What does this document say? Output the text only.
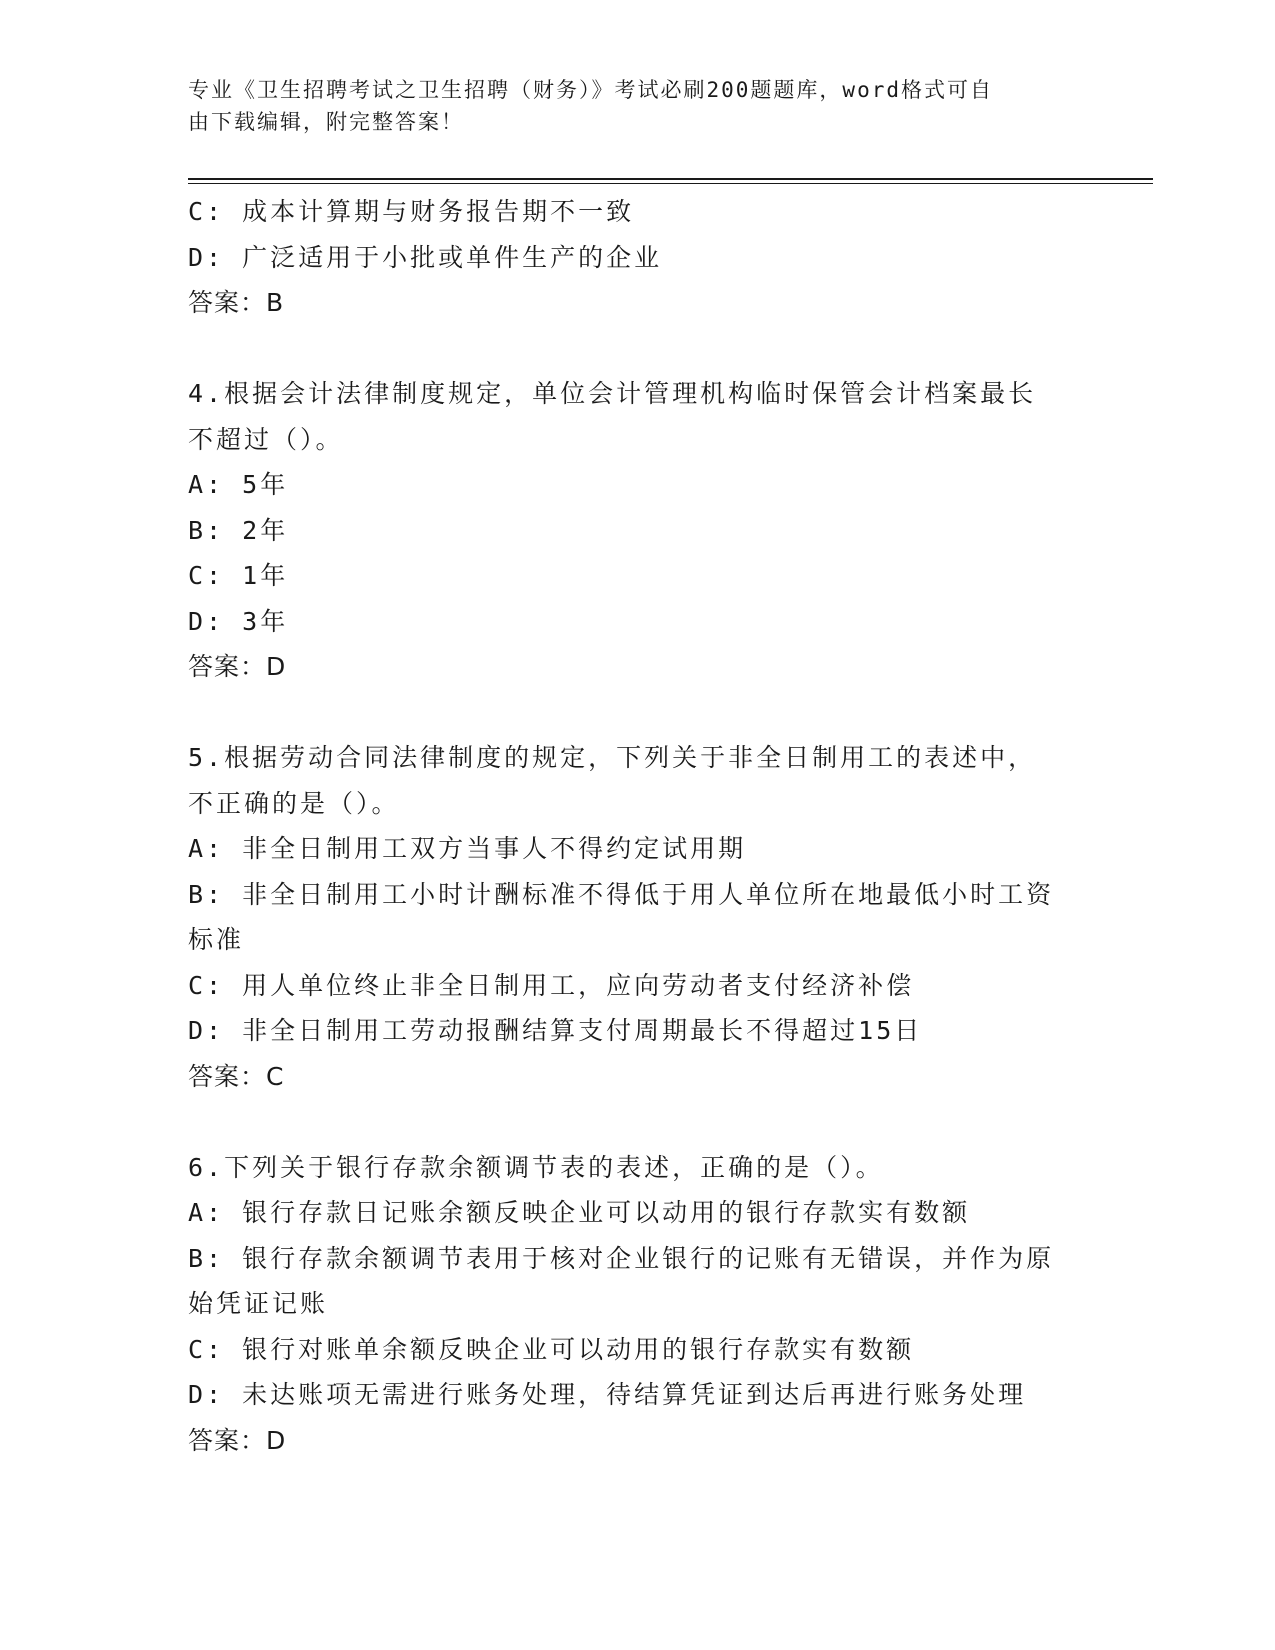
专业《卫生招聘考试之卫生招聘（财务）》考试必刷200题题库，word格式可自
由下载编辑，附完整答案！
C: 成本计算期与财务报告期不一致
D: 广泛适用于小批或单件生产的企业
答案：B
4.根据会计法律制度规定，单位会计管理机构临时保管会计档案最长
不超过（）。
A: 5年
B: 2年
C: 1年
D: 3年
答案：D
5.根据劳动合同法律制度的规定，下列关于非全日制用工的表述中，
不正确的是（）。
A: 非全日制用工双方当事人不得约定试用期
B: 非全日制用工小时计酬标准不得低于用人单位所在地最低小时工资
标准
C: 用人单位终止非全日制用工，应向劳动者支付经济补偿
D: 非全日制用工劳动报酬结算支付周期最长不得超过15日
答案：C
6.下列关于银行存款余额调节表的表述，正确的是（）。
A: 银行存款日记账余额反映企业可以动用的银行存款实有数额
B: 银行存款余额调节表用于核对企业银行的记账有无错误，并作为原
始凭证记账
C: 银行对账单余额反映企业可以动用的银行存款实有数额
D: 未达账项无需进行账务处理，待结算凭证到达后再进行账务处理
答案：D
